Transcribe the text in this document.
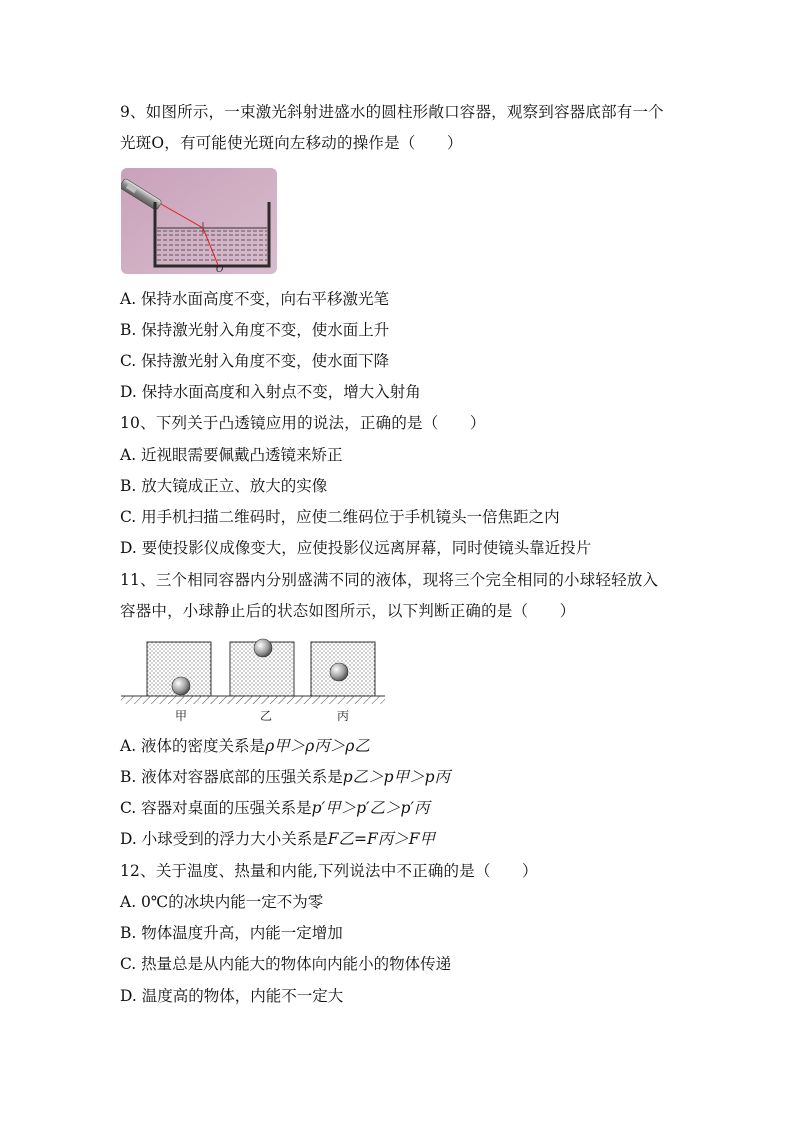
9、如图所示，一束激光斜射进盛水的圆柱形敞口容器，观察到容器底部有一个
光斑O，有可能使光斑向左移动的操作是（　　）
O
A. 保持水面高度不变，向右平移激光笔
B. 保持激光射入角度不变，使水面上升
C. 保持激光射入角度不变，使水面下降
D. 保持水面高度和入射点不变，增大入射角
10、下列关于凸透镜应用的说法，正确的是（　　）
A. 近视眼需要佩戴凸透镜来矫正
B. 放大镜成正立、放大的实像
C. 用手机扫描二维码时，应使二维码位于手机镜头一倍焦距之内
D. 要使投影仪成像变大，应使投影仪远离屏幕，同时使镜头靠近投片
11、三个相同容器内分别盛满不同的液体，现将三个完全相同的小球轻轻放入
容器中，小球静止后的状态如图所示，以下判断正确的是（　　）
甲	乙	丙
A. 液体的密度关系是ρ甲＞ρ丙＞ρ乙
B. 液体对容器底部的压强关系是p乙＞p甲＞p丙
C. 容器对桌面的压强关系是p′甲＞p′乙＞p′丙
D. 小球受到的浮力大小关系是F乙=F丙＞F甲
12、关于温度、热量和内能,下列说法中不正确的是（　　）
A. 0℃的冰块内能一定不为零
B. 物体温度升高，内能一定增加
C. 热量总是从内能大的物体向内能小的物体传递
D. 温度高的物体，内能不一定大
